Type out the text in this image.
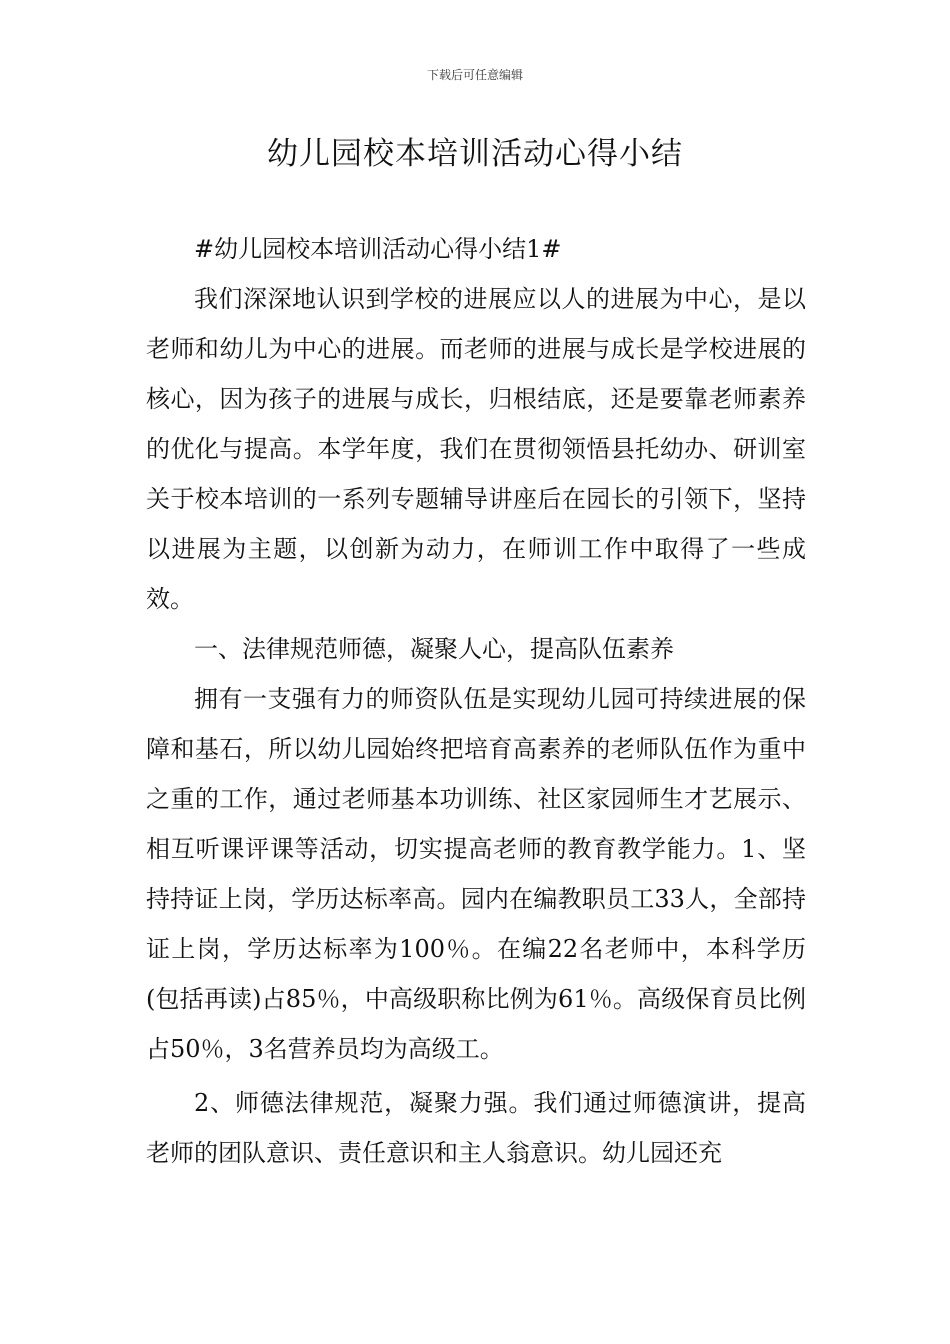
下载后可任意编辑
幼儿园校本培训活动心得小结

#幼儿园校本培训活动心得小结1#

我们深深地认识到学校的进展应以人的进展为中心，是以老师和幼儿为中心的进展。而老师的进展与成长是学校进展的核心，因为孩子的进展与成长，归根结底，还是要靠老师素养的优化与提高。本学年度，我们在贯彻领悟县托幼办、研训室关于校本培训的一系列专题辅导讲座后在园长的引领下，坚持以进展为主题，以创新为动力，在师训工作中取得了一些成效。

一、法律规范师德，凝聚人心，提高队伍素养

拥有一支强有力的师资队伍是实现幼儿园可持续进展的保障和基石，所以幼儿园始终把培育高素养的老师队伍作为重中之重的工作，通过老师基本功训练、社区家园师生才艺展示、相互听课评课等活动，切实提高老师的教育教学能力。1、坚持持证上岗，学历达标率高。园内在编教职员工33人，全部持证上岗，学历达标率为100％。在编22名老师中，本科学历(包括再读)占85％，中高级职称比例为61％。高级保育员比例占50％，3名营养员均为高级工。

2、师德法律规范，凝聚力强。我们通过师德演讲，提高老师的团队意识、责任意识和主人翁意识。幼儿园还充
